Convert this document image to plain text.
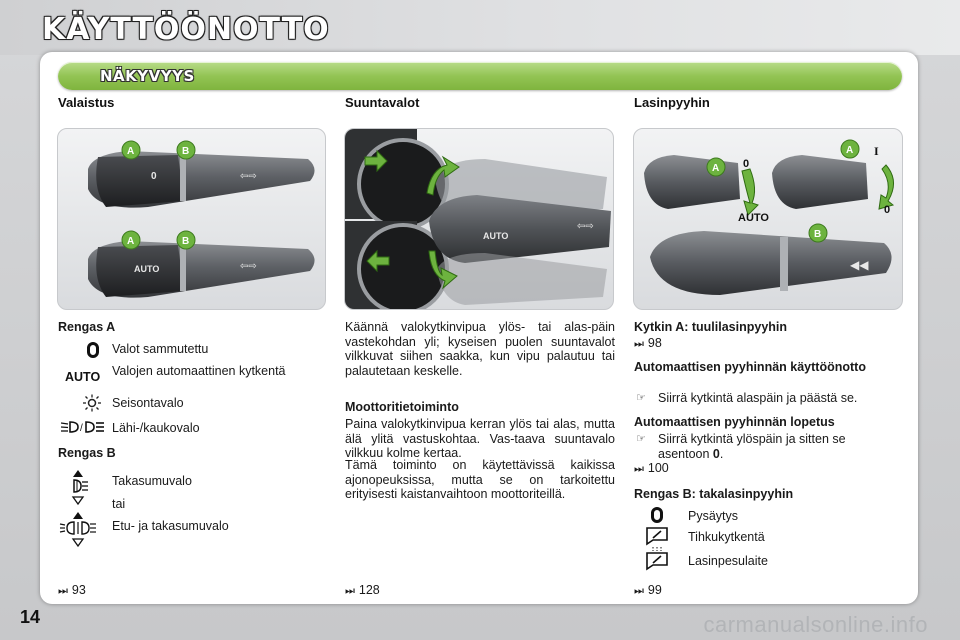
KÄYTTÖÖNOTTO
NÄKYVYYS
Valaistus	Suuntavalot	Lasinpyyhin
0	⇦⇨
A	B
AUTO	⇦⇨
A	B	AUTO
⇦⇨
A 0
AUTO
A I
0
◀◀
B
Rengas A
Valot sammutettu
AUTO Valojen automaattinen kytkentä
Seisontavalo
/ Lähi-/kaukovalo
Rengas B
Takasumuvalo
tai
Etu- ja takasumuvalo
⏭ 93
Käännä valokytkinvipua ylös- tai alas-päin vastekohdan yli; kyseisen puolen suuntavalot vilkkuvat siihen saakka, kun vipu palautuu tai palautetaan keskelle.
Moottoritietoiminto
Paina valokytkinvipua kerran ylös tai alas, mutta älä ylitä vastuskohtaa. Vas-taava suuntavalo vilkkuu kolme kertaa.
Tämä toiminto on käytettävissä kaikissa ajonopeuksissa, mutta se on tarkoitettu erityisesti kaistanvaihtoon moottoriteillä.
⏭ 128
Kytkin A: tuulilasinpyyhin
⏭ 98
Automaattisen pyyhinnän käyttöönotto
☞ Siirrä kytkintä alaspäin ja päästä se.
Automaattisen pyyhinnän lopetus
☞ Siirrä kytkintä ylöspäin ja sitten se asentoon 0.
⏭ 100
Rengas B: takalasinpyyhin
Pysäytys
Tihkukytkentä
Lasinpesulaite
⏭ 99
14	carmanualsonline.info
